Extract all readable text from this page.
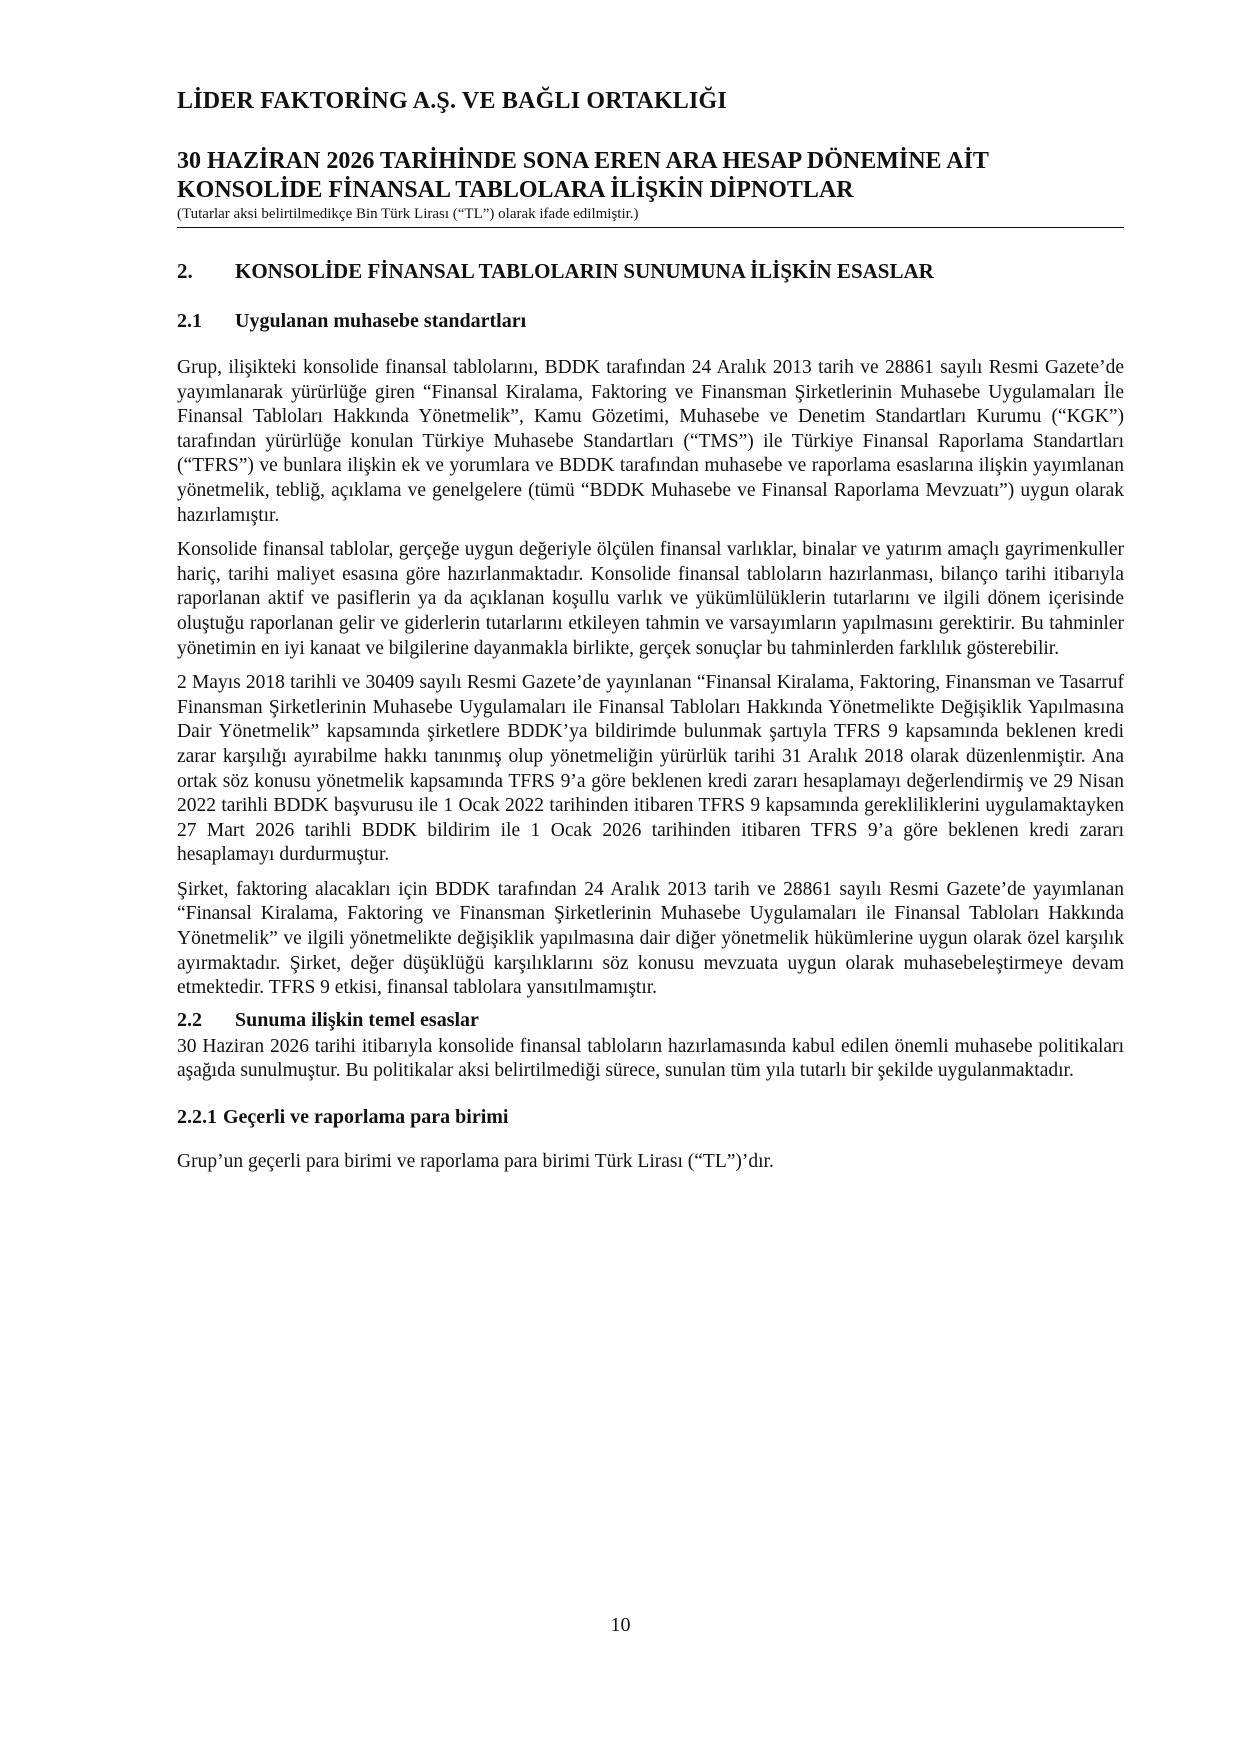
LİDER FAKTORİNG A.Ş. VE BAĞLI ORTAKLIĞI
30 HAZİRAN 2026 TARİHİNDE SONA EREN ARA HESAP DÖNEMİNE AİT
KONSOLİDE FİNANSAL TABLOLARA İLİŞKİN DİPNOTLAR
(Tutarlar aksi belirtilmedikçe Bin Türk Lirası (“TL”) olarak ifade edilmiştir.)
2. KONSOLİDE FİNANSAL TABLOLARIN SUNUMUNA İLİŞKİN ESASLAR
2.1 Uygulanan muhasebe standartları

Grup, ilişikteki konsolide finansal tablolarını, BDDK tarafından 24 Aralık 2013 tarih ve 28861 sayılı Resmi Gazete’de yayımlanarak yürürlüğe giren “Finansal Kiralama, Faktoring ve Finansman Şirketlerinin Muhasebe Uygulamaları İle Finansal Tabloları Hakkında Yönetmelik”, Kamu Gözetimi, Muhasebe ve Denetim Standartları Kurumu (“KGK”) tarafından yürürlüğe konulan Türkiye Muhasebe Standartları (“TMS”) ile Türkiye Finansal Raporlama Standartları (“TFRS”) ve bunlara ilişkin ek ve yorumlara ve BDDK tarafından muhasebe ve raporlama esaslarına ilişkin yayımlanan yönetmelik, tebliğ, açıklama ve genelgelere (tümü “BDDK Muhasebe ve Finansal Raporlama Mevzuatı”) uygun olarak hazırlamıştır.

Konsolide finansal tablolar, gerçeğe uygun değeriyle ölçülen finansal varlıklar, binalar ve yatırım amaçlı gayrimenkuller hariç, tarihi maliyet esasına göre hazırlanmaktadır. Konsolide finansal tabloların hazırlanması, bilanço tarihi itibarıyla raporlanan aktif ve pasiflerin ya da açıklanan koşullu varlık ve yükümlülüklerin tutarlarını ve ilgili dönem içerisinde oluştuğu raporlanan gelir ve giderlerin tutarlarını etkileyen tahmin ve varsayımların yapılmasını gerektirir. Bu tahminler yönetimin en iyi kanaat ve bilgilerine dayanmakla birlikte, gerçek sonuçlar bu tahminlerden farklılık gösterebilir.

2 Mayıs 2018 tarihli ve 30409 sayılı Resmi Gazete’de yayınlanan “Finansal Kiralama, Faktoring, Finansman ve Tasarruf Finansman Şirketlerinin Muhasebe Uygulamaları ile Finansal Tabloları Hakkında Yönetmelikte Değişiklik Yapılmasına Dair Yönetmelik” kapsamında şirketlere BDDK’ya bildirimde bulunmak şartıyla TFRS 9 kapsamında beklenen kredi zarar karşılığı ayırabilme hakkı tanınmış olup yönetmeliğin yürürlük tarihi 31 Aralık 2018 olarak düzenlenmiştir. Ana ortak söz konusu yönetmelik kapsamında TFRS 9’a göre beklenen kredi zararı hesaplamayı değerlendirmiş ve 29 Nisan 2022 tarihli BDDK başvurusu ile 1 Ocak 2022 tarihinden itibaren TFRS 9 kapsamında gerekliliklerini uygulamaktayken 27 Mart 2026 tarihli BDDK bildirim ile 1 Ocak 2026 tarihinden itibaren TFRS 9’a göre beklenen kredi zararı hesaplamayı durdurmuştur.

Şirket, faktoring alacakları için BDDK tarafından 24 Aralık 2013 tarih ve 28861 sayılı Resmi Gazete’de yayımlanan “Finansal Kiralama, Faktoring ve Finansman Şirketlerinin Muhasebe Uygulamaları ile Finansal Tabloları Hakkında Yönetmelik” ve ilgili yönetmelikte değişiklik yapılmasına dair diğer yönetmelik hükümlerine uygun olarak özel karşılık ayırmaktadır. Şirket, değer düşüklüğü karşılıklarını söz konusu mevzuata uygun olarak muhasebeleştirmeye devam etmektedir. TFRS 9 etkisi, finansal tablolara yansıtılmamıştır.

2.2 Sunuma ilişkin temel esaslar

30 Haziran 2026 tarihi itibarıyla konsolide finansal tabloların hazırlamasında kabul edilen önemli muhasebe politikaları aşağıda sunulmuştur. Bu politikalar aksi belirtilmediği sürece, sunulan tüm yıla tutarlı bir şekilde uygulanmaktadır.

2.2.1 Geçerli ve raporlama para birimi

Grup’un geçerli para birimi ve raporlama para birimi Türk Lirası (“TL”)’dır.

10
